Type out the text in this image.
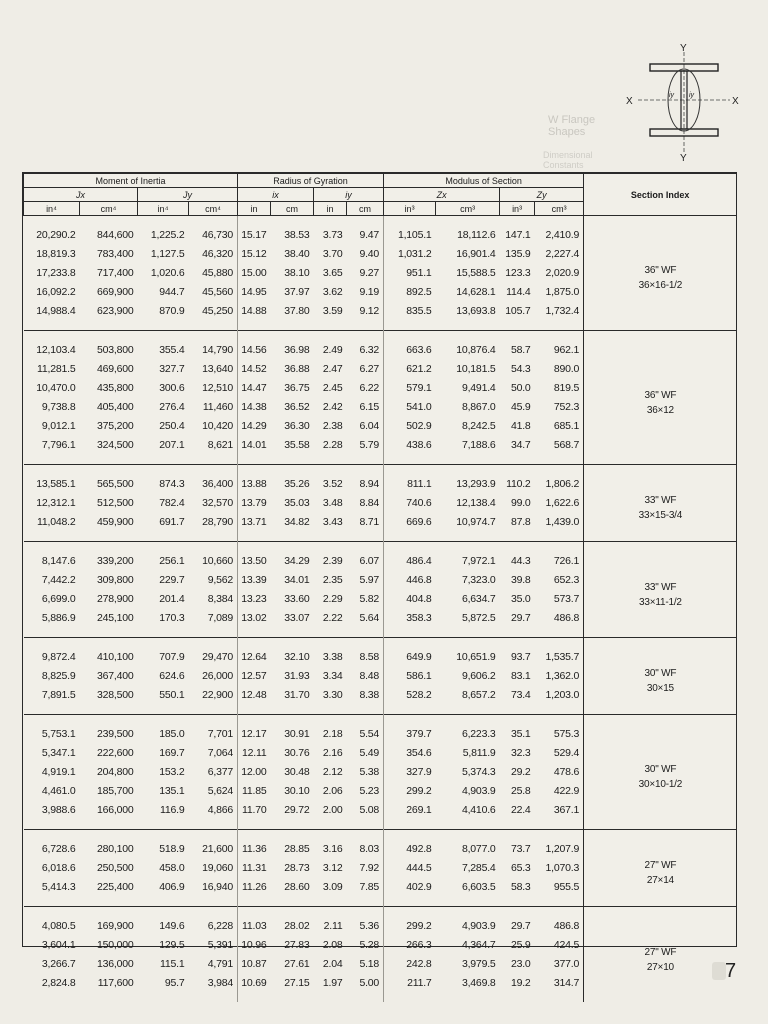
Y
Y
X	X
iy iy
W Flange Shapes
Dimensional Constants
Moment of Inertia				Radius of Gyration				Modulus of Section				Section Index
Jx		Jy		ix		iy		Zx		Zy		
in⁴	cm⁴	in⁴	cm⁴	in	cm	in	cm	in³	cm³	in³	cm³	
20,290.2	844,600	1,225.2	46,730	15.17	38.53	3.73	9.47	1,105.1	18,112.6	147.1	2,410.9	36" WF
36×16-1/2

18,819.3	783,400	1,127.5	46,320	15.12	38.40	3.70	9.40	1,031.2	16,901.4	135.9	2,227.4	
17,233.8	717,400	1,020.6	45,880	15.00	38.10	3.65	9.27	951.1	15,588.5	123.3	2,020.9	
16,092.2	669,900	944.7	45,560	14.95	37.97	3.62	9.19	892.5	14,628.1	114.4	1,875.0	
14,988.4	623,900	870.9	45,250	14.88	37.80	3.59	9.12	835.5	13,693.8	105.7	1,732.4	
12,103.4	503,800	355.4	14,790	14.56	36.98	2.49	6.32	663.6	10,876.4	58.7	962.1	36" WF
36×12

11,281.5	469,600	327.7	13,640	14.52	36.88	2.47	6.27	621.2	10,181.5	54.3	890.0	
10,470.0	435,800	300.6	12,510	14.47	36.75	2.45	6.22	579.1	9,491.4	50.0	819.5	
9,738.8	405,400	276.4	11,460	14.38	36.52	2.42	6.15	541.0	8,867.0	45.9	752.3	
9,012.1	375,200	250.4	10,420	14.29	36.30	2.38	6.04	502.9	8,242.5	41.8	685.1	
7,796.1	324,500	207.1	8,621	14.01	35.58	2.28	5.79	438.6	7,188.6	34.7	568.7	
13,585.1	565,500	874.3	36,400	13.88	35.26	3.52	8.94	811.1	13,293.9	110.2	1,806.2	33" WF
33×15-3/4

12,312.1	512,500	782.4	32,570	13.79	35.03	3.48	8.84	740.6	12,138.4	99.0	1,622.6	
11,048.2	459,900	691.7	28,790	13.71	34.82	3.43	8.71	669.6	10,974.7	87.8	1,439.0	
8,147.6	339,200	256.1	10,660	13.50	34.29	2.39	6.07	486.4	7,972.1	44.3	726.1	33" WF
33×11-1/2

7,442.2	309,800	229.7	9,562	13.39	34.01	2.35	5.97	446.8	7,323.0	39.8	652.3	
6,699.0	278,900	201.4	8,384	13.23	33.60	2.29	5.82	404.8	6,634.7	35.0	573.7	
5,886.9	245,100	170.3	7,089	13.02	33.07	2.22	5.64	358.3	5,872.5	29.7	486.8	
9,872.4	410,100	707.9	29,470	12.64	32.10	3.38	8.58	649.9	10,651.9	93.7	1,535.7	30" WF
30×15

8,825.9	367,400	624.6	26,000	12.57	31.93	3.34	8.48	586.1	9,606.2	83.1	1,362.0	
7,891.5	328,500	550.1	22,900	12.48	31.70	3.30	8.38	528.2	8,657.2	73.4	1,203.0	
5,753.1	239,500	185.0	7,701	12.17	30.91	2.18	5.54	379.7	6,223.3	35.1	575.3	30" WF
30×10-1/2

5,347.1	222,600	169.7	7,064	12.11	30.76	2.16	5.49	354.6	5,811.9	32.3	529.4	
4,919.1	204,800	153.2	6,377	12.00	30.48	2.12	5.38	327.9	5,374.3	29.2	478.6	
4,461.0	185,700	135.1	5,624	11.85	30.10	2.06	5.23	299.2	4,903.9	25.8	422.9	
3,988.6	166,000	116.9	4,866	11.70	29.72	2.00	5.08	269.1	4,410.6	22.4	367.1	
6,728.6	280,100	518.9	21,600	11.36	28.85	3.16	8.03	492.8	8,077.0	73.7	1,207.9	27" WF
27×14

6,018.6	250,500	458.0	19,060	11.31	28.73	3.12	7.92	444.5	7,285.4	65.3	1,070.3	
5,414.3	225,400	406.9	16,940	11.26	28.60	3.09	7.85	402.9	6,603.5	58.3	955.5	
4,080.5	169,900	149.6	6,228	11.03	28.02	2.11	5.36	299.2	4,903.9	29.7	486.8	27" WF
27×10

3,604.1	150,000	129.5	5,391	10.96	27.83	2.08	5.28	266.3	4,364.7	25.9	424.5	
3,266.7	136,000	115.1	4,791	10.87	27.61	2.04	5.18	242.8	3,979.5	23.0	377.0	
2,824.8	117,600	95.7	3,984	10.69	27.15	1.97	5.00	211.7	3,469.8	19.2	314.7	
7
